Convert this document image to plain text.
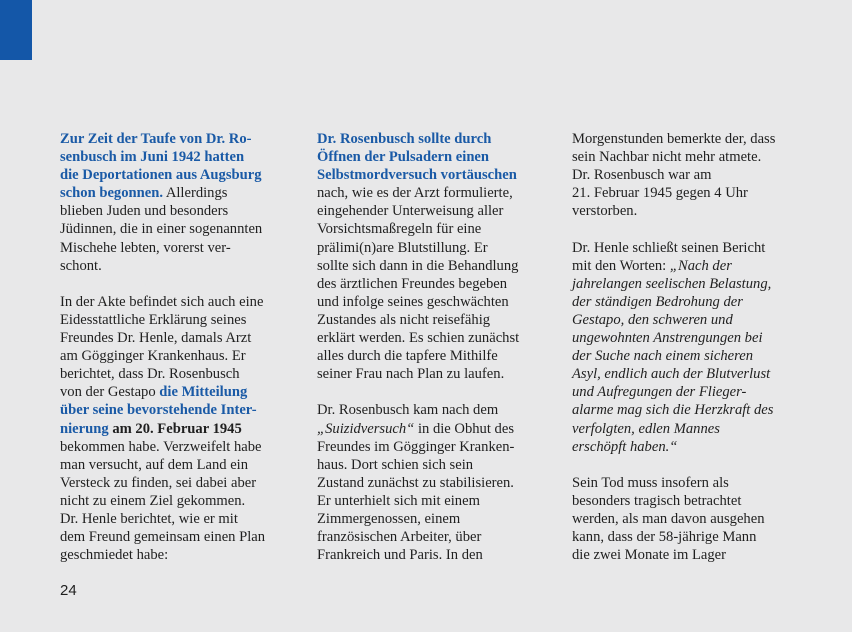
Zur Zeit der Taufe von Dr. Ro-
senbusch im Juni 1942 hatten
die Deportationen aus Augsburg
schon begonnen. Allerdings
blieben Juden und besonders
Jüdinnen, die in einer sogenannten
Mischehe lebten, vorerst ver-
schont.

In der Akte befindet sich auch eine
Eidesstattliche Erklärung seines
Freundes Dr. Henle, damals Arzt
am Gögginger Krankenhaus. Er
berichtet, dass Dr. Rosenbusch
von der Gestapo die Mitteilung
über seine bevorstehende Inter-
nierung am 20. Februar 1945
bekommen habe. Verzweifelt habe
man versucht, auf dem Land ein
Versteck zu finden, sei dabei aber
nicht zu einem Ziel gekommen.
Dr. Henle berichtet, wie er mit
dem Freund gemeinsam einen Plan
geschmiedet habe:

Dr. Rosenbusch sollte durch
Öffnen der Pulsadern einen
Selbstmordversuch vortäuschen
nach, wie es der Arzt formulierte,
eingehender Unterweisung aller
Vorsichtsmaßregeln für eine
prälimi(n)are Blutstillung. Er
sollte sich dann in die Behandlung
des ärztlichen Freundes begeben
und infolge seines geschwächten
Zustandes als nicht reisefähig
erklärt werden. Es schien zunächst
alles durch die tapfere Mithilfe
seiner Frau nach Plan zu laufen.

Dr. Rosenbusch kam nach dem
„Suizidversuch“ in die Obhut des
Freundes im Gögginger Kranken-
haus. Dort schien sich sein
Zustand zunächst zu stabilisieren.
Er unterhielt sich mit einem
Zimmergenossen, einem
französischen Arbeiter, über
Frankreich und Paris. In den

Morgenstunden bemerkte der, dass
sein Nachbar nicht mehr atmete.
Dr. Rosenbusch war am
21. Februar 1945 gegen 4 Uhr
verstorben.

Dr. Henle schließt seinen Bericht
mit den Worten: „Nach der
jahrelangen seelischen Belastung,
der ständigen Bedrohung der
Gestapo, den schweren und
ungewohnten Anstrengungen bei
der Suche nach einem sicheren
Asyl, endlich auch der Blutverlust
und Aufregungen der Flieger-
alarme mag sich die Herzkraft des
verfolgten, edlen Mannes
erschöpft haben.“

Sein Tod muss insofern als
besonders tragisch betrachtet
werden, als man davon ausgehen
kann, dass der 58-jährige Mann
die zwei Monate im Lager

24
